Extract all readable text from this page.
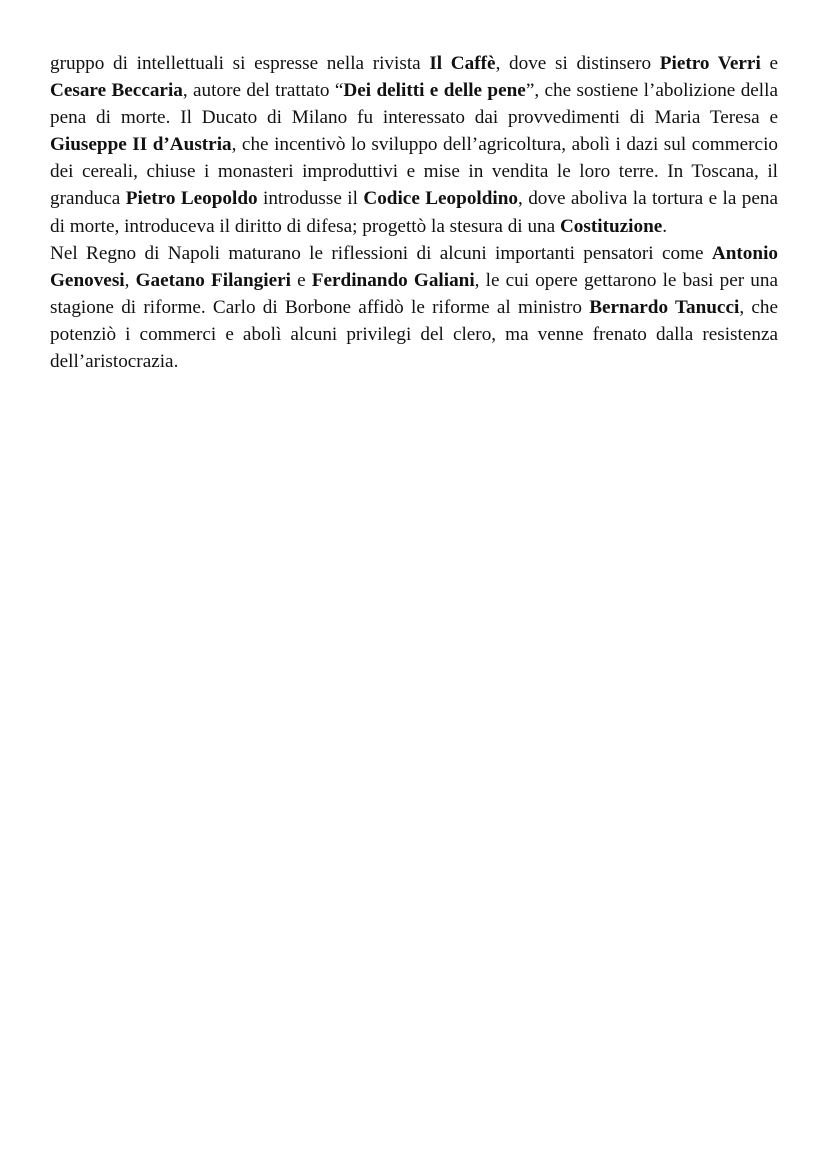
gruppo di intellettuali si espresse nella rivista Il Caffè, dove si distinsero Pietro Verri e Cesare Beccaria, autore del trattato “Dei delitti e delle pene”, che sostiene l’abolizione della pena di morte. Il Ducato di Milano fu interessato dai provvedimenti di Maria Teresa e Giuseppe II d’Austria, che incentivò lo sviluppo dell’agricoltura, abolì i dazi sul commercio dei cereali, chiuse i monasteri improduttivi e mise in vendita le loro terre. In Toscana, il granduca Pietro Leopoldo introdusse il Codice Leopoldino, dove aboliva la tortura e la pena di morte, introduceva il diritto di difesa; progettò la stesura di una Costituzione.

Nel Regno di Napoli maturano le riflessioni di alcuni importanti pensatori come Antonio Genovesi, Gaetano Filangieri e Ferdinando Galiani, le cui opere gettarono le basi per una stagione di riforme. Carlo di Borbone affidò le riforme al ministro Bernardo Tanucci, che potenziò i commerci e abolì alcuni privilegi del clero, ma venne frenato dalla resistenza dell’aristocrazia.
